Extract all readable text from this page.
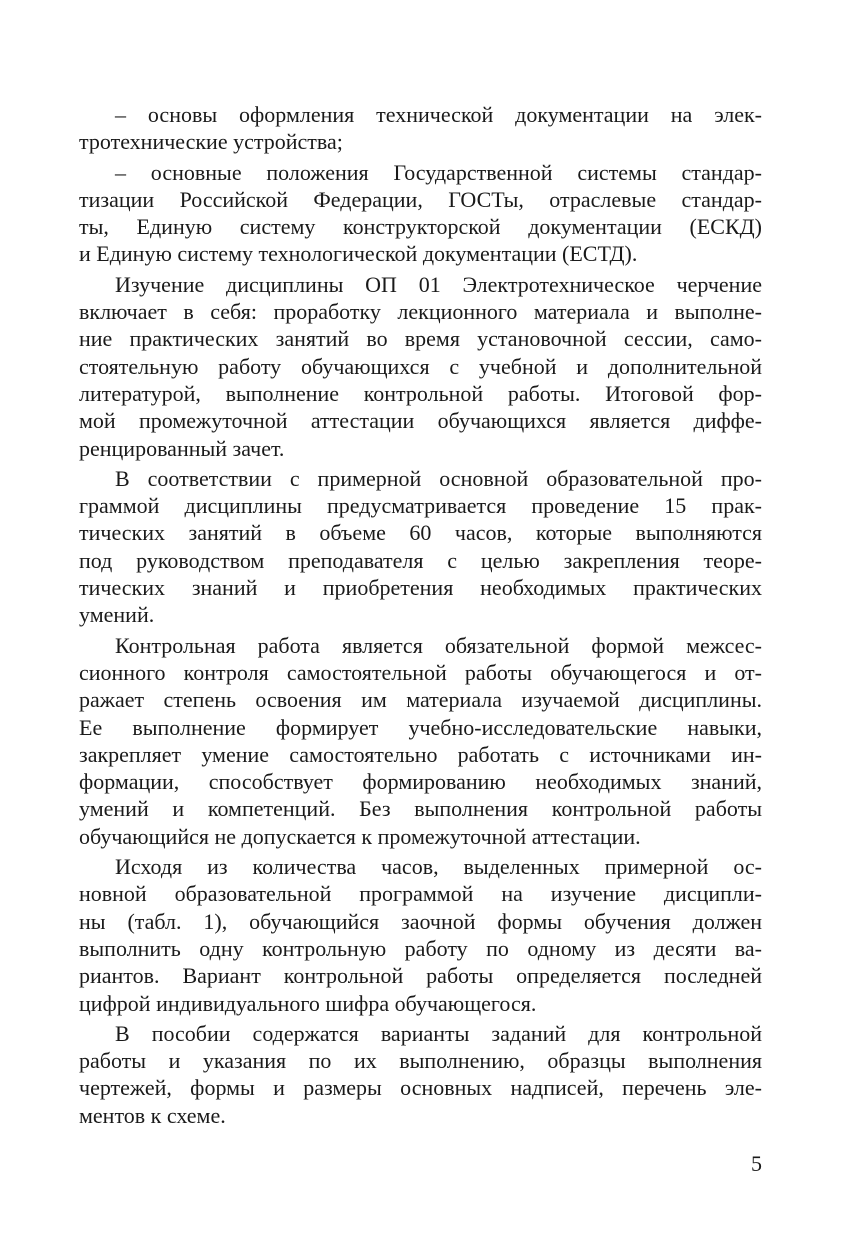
– основы оформления технической документации на элек-
тротехнические устройства;
– основные положения Государственной системы стандар-
тизации Российской Федерации, ГОСТы, отраслевые стандар-
ты, Единую систему конструкторской документации (ЕСКД)
и Единую систему технологической документации (ЕСТД).
Изучение дисциплины ОП 01 Электротехническое черчение
включает в себя: проработку лекционного материала и выполне-
ние практических занятий во время установочной сессии, само-
стоятельную работу обучающихся с учебной и дополнительной
литературой, выполнение контрольной работы. Итоговой фор-
мой промежуточной аттестации обучающихся является диффе-
ренцированный зачет.
В соответствии с примерной основной образовательной про-
граммой дисциплины предусматривается проведение 15 прак-
тических занятий в объеме 60 часов, которые выполняются
под руководством преподавателя с целью закрепления теоре-
тических знаний и приобретения необходимых практических
умений.
Контрольная работа является обязательной формой межсес-
сионного контроля самостоятельной работы обучающегося и от-
ражает степень освоения им материала изучаемой дисциплины.
Ее выполнение формирует учебно-исследовательские навыки,
закрепляет умение самостоятельно работать с источниками ин-
формации, способствует формированию необходимых знаний,
умений и компетенций. Без выполнения контрольной работы
обучающийся не допускается к промежуточной аттестации.
Исходя из количества часов, выделенных примерной ос-
новной образовательной программой на изучение дисципли-
ны (табл. 1), обучающийся заочной формы обучения должен
выполнить одну контрольную работу по одному из десяти ва-
риантов. Вариант контрольной работы определяется последней
цифрой индивидуального шифра обучающегося.
В пособии содержатся варианты заданий для контрольной
работы и указания по их выполнению, образцы выполнения
чертежей, формы и размеры основных надписей, перечень эле-
ментов к схеме.
5
